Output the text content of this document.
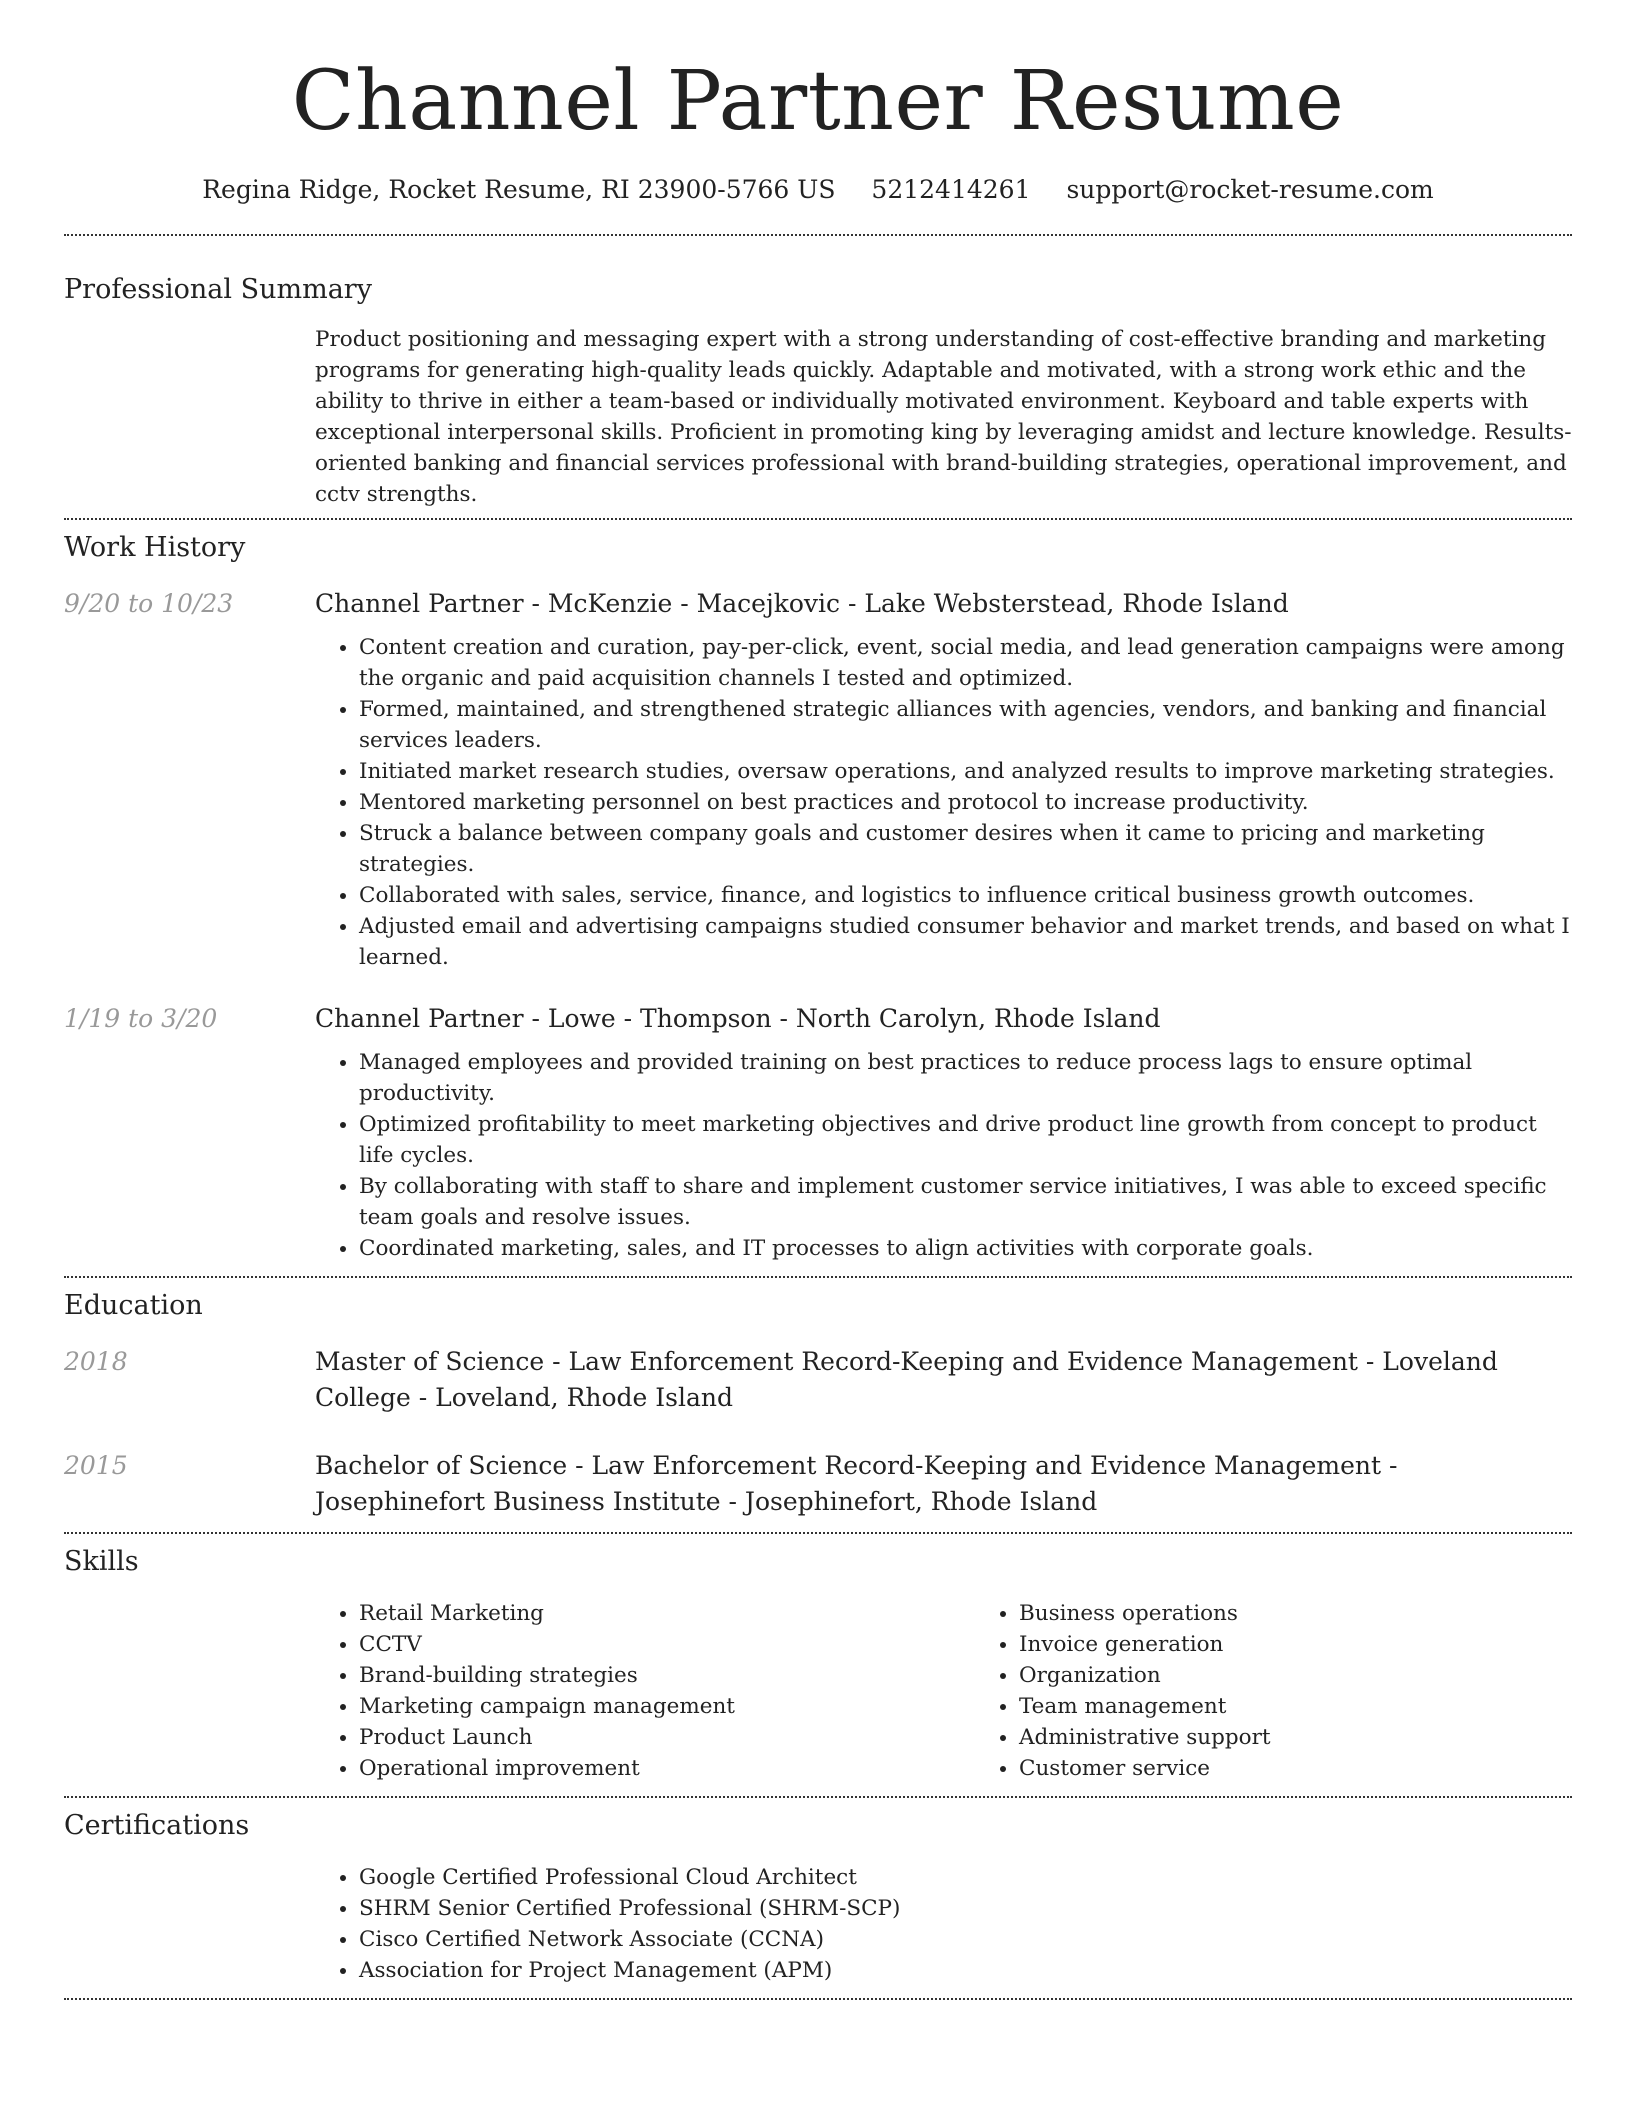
Channel Partner Resume
Regina Ridge, Rocket Resume, RI 23900-5766 US 5212414261 support@rocket-resume.com
Professional Summary

Product positioning and messaging expert with a strong understanding of cost-effective branding and marketing programs for generating high-quality leads quickly. Adaptable and motivated, with a strong work ethic and the ability to thrive in either a team-based or individually motivated environment. Keyboard and table experts with exceptional interpersonal skills. Proficient in promoting king by leveraging amidst and lecture knowledge. Results-oriented banking and financial services professional with brand-building strategies, operational improvement, and cctv strengths.

Work History
9/20 to 10/23	Channel Partner - McKenzie - Macejkovic - Lake Websterstead, Rhode Island

• Content creation and curation, pay-per-click, event, social media, and lead generation campaigns were among the organic and paid acquisition channels I tested and optimized.
• Formed, maintained, and strengthened strategic alliances with agencies, vendors, and banking and financial services leaders.
• Initiated market research studies, oversaw operations, and analyzed results to improve marketing strategies.
• Mentored marketing personnel on best practices and protocol to increase productivity.
• Struck a balance between company goals and customer desires when it came to pricing and marketing strategies.
• Collaborated with sales, service, finance, and logistics to influence critical business growth outcomes.
• Adjusted email and advertising campaigns studied consumer behavior and market trends, and based on what I learned.
1/19 to 3/20	Channel Partner - Lowe - Thompson - North Carolyn, Rhode Island

• Managed employees and provided training on best practices to reduce process lags to ensure optimal productivity.
• Optimized profitability to meet marketing objectives and drive product line growth from concept to product life cycles.
• By collaborating with staff to share and implement customer service initiatives, I was able to exceed specific team goals and resolve issues.
• Coordinated marketing, sales, and IT processes to align activities with corporate goals.
Education
2018	Master of Science - Law Enforcement Record-Keeping and Evidence Management - Loveland College - Loveland, Rhode Island

2015	Bachelor of Science - Law Enforcement Record-Keeping and Evidence Management - Josephinefort Business Institute - Josephinefort, Rhode Island

Skills
• Retail Marketing
• CCTV
• Brand-building strategies
• Marketing campaign management
• Product Launch
• Operational improvement
• Business operations
• Invoice generation
• Organization
• Team management
• Administrative support
• Customer service
Certifications
• Google Certified Professional Cloud Architect
• SHRM Senior Certified Professional (SHRM-SCP)
• Cisco Certified Network Associate (CCNA)
• Association for Project Management (APM)
